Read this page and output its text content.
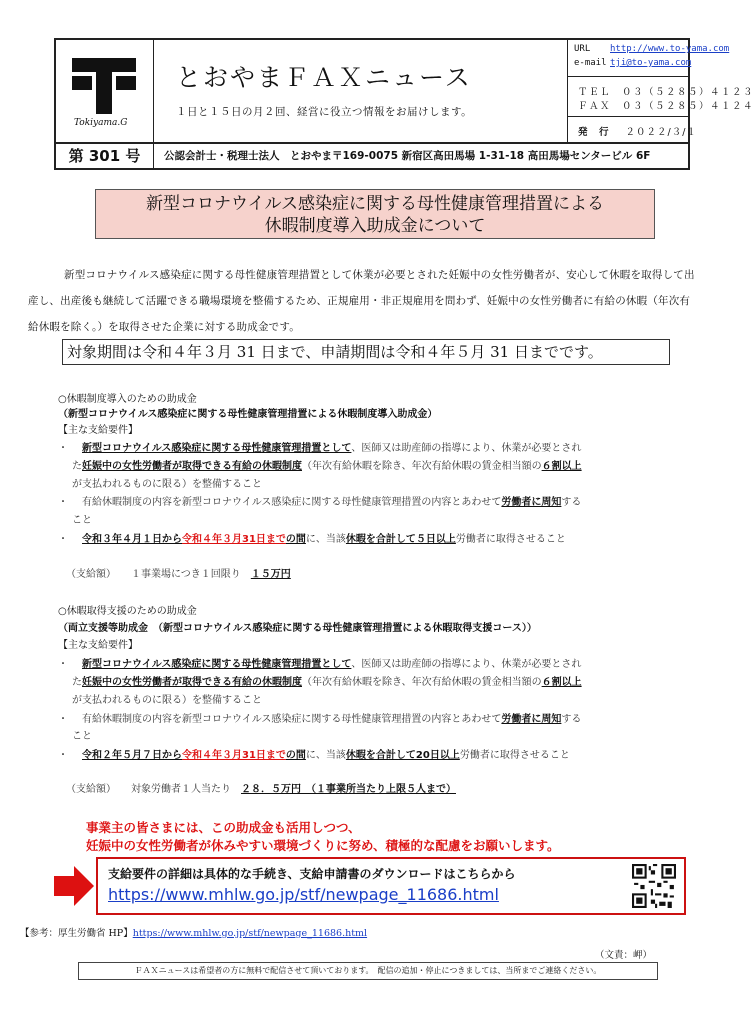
Tokiyama.G
とおやまＦＡＸニュース
１日と１５日の月２回、経営に役立つ情報をお届けします。
URL http://www.to-yama.com
e-mail tji@to-yama.com
ＴＥＬ　０３（５２８５）４１２３
ＦＡＸ　０３（５２８５）４１２４
発　行 ２０２２/３/１
第 301 号	公認会計士・税理士法人　とおやま〒169-0075 新宿区高田馬場 1-31-18 高田馬場センタービル 6F
新型コロナウイルス感染症に関する母性健康管理措置による
休暇制度導入助成金について
新型コロナウイルス感染症に関する母性健康管理措置として休業が必要とされた妊娠中の女性労働者が、安心して休暇を取得して出産し、出産後も継続して活躍できる職場環境を整備するため、正規雇用・非正規雇用を問わず、妊娠中の女性労働者に有給の休暇（年次有給休暇を除く。）を取得させた企業に対する助成金です。
対象期間は令和４年３月 31 日まで、申請期間は令和４年５月 31 日までです。
○休暇制度導入のための助成金
（新型コロナウイルス感染症に関する母性健康管理措置による休暇制度導入助成金）
【主な支給要件】
・ 新型コロナウイルス感染症に関する母性健康管理措置として、医師又は助産師の指導により、休業が必要とされ
た妊娠中の女性労働者が取得できる有給の休暇制度（年次有給休暇を除き、年次有給休暇の賃金相当額の６割以上
が支払われるものに限る）を整備すること
・ 有給休暇制度の内容を新型コロナウイルス感染症に関する母性健康管理措置の内容とあわせて労働者に周知する
こと
・ 令和３年４月１日から令和４年３月31日までの間に、当該休暇を合計して５日以上労働者に取得させること
（支給額）　　 １事業場につき１回限り　 １５万円
○休暇取得支援のための助成金
（両立支援等助成金　（新型コロナウイルス感染症に関する母性健康管理措置による休暇取得支援コース））
【主な支給要件】
・ 新型コロナウイルス感染症に関する母性健康管理措置として、医師又は助産師の指導により、休業が必要とされ
た妊娠中の女性労働者が取得できる有給の休暇制度（年次有給休暇を除き、年次有給休暇の賃金相当額の６割以上
が支払われるものに限る）を整備すること
・ 有給休暇制度の内容を新型コロナウイルス感染症に関する母性健康管理措置の内容とあわせて労働者に周知する
こと
・ 令和２年５月７日から令和４年３月31日までの間に、当該休暇を合計して20日以上労働者に取得させること
（支給額）　　 対象労働者１人当たり　 ２８．５万円　（１事業所当たり上限５人まで）
事業主の皆さまには、この助成金も活用しつつ、
妊娠中の女性労働者が休みやすい環境づくりに努め、積極的な配慮をお願いします。
支給要件の詳細は具体的な手続き、支給申請書のダウンロードはこちらから
https://www.mhlw.go.jp/stf/newpage_11686.html
【参考：厚生労働省 HP】https://www.mhlw.go.jp/stf/newpage_11686.html
（文責：岬）
ＦＡＸニュースは希望者の方に無料で配信させて頂いております。　配信の追加・停止につきましては、当所までご連絡ください。
